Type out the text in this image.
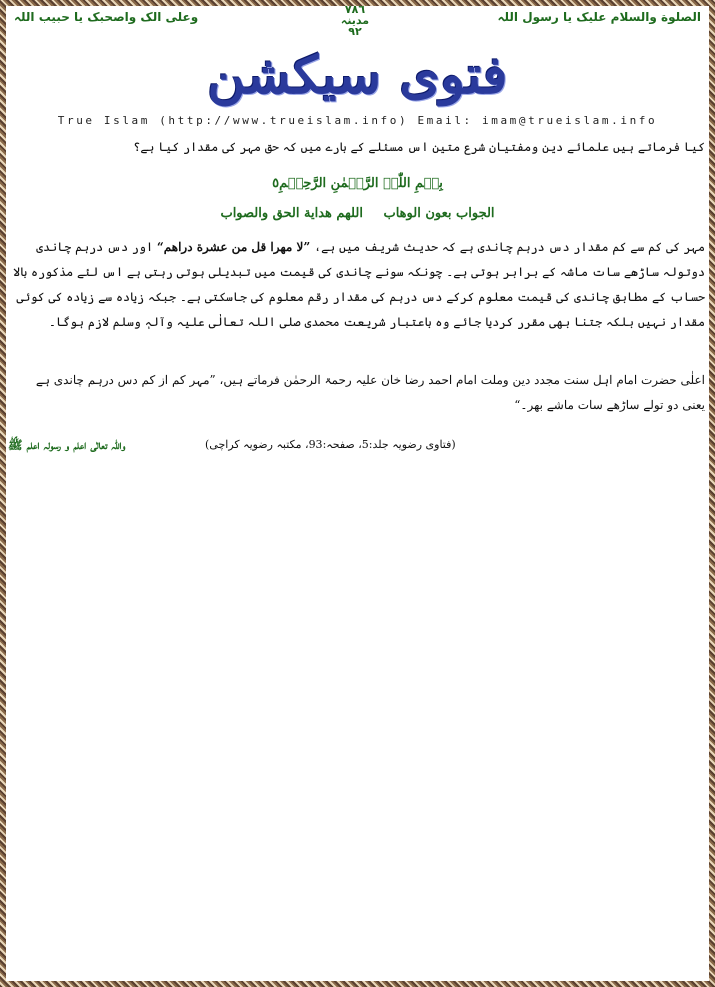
الصلوة والسلام علیک یا رسول اللہ
٧٨٦
مدینہ
٩٢
وعلی الک واصحبک یا حبیب اللہ
فتوی سیکشن
True Islam (http://www.trueislam.info) Email: imam@trueislam.info
کیا فرماتے ہیں علمائے دین ومفتیان شرع متین اس مسئلے کے بارے میں کہ حق مہر کی مقدار کیا ہے؟
بِسۡمِ اللّٰہِ الرَّحۡمٰنِ الرَّحِیۡمِ٥
الجواب بعون الوهاب اللهم هداية الحق والصواب
مہر کی کم سے کم مقدار دس درہم چاندی ہے کہ حدیث شریف میں ہے، ”لا مهرا قل من عشرة دراهم“ اور دس درہم چاندی دوتولہ ساڑھے سات ماشہ کے برابر ہوتی ہے۔ چونکہ سونے چاندی کی قیمت میں تبدیلی ہوتی رہتی ہے اس لئے مذکورہ بالا حساب کے مطابق چاندی کی قیمت معلوم کرکے دس درہم کی مقدار رقم معلوم کی جاسکتی ہے۔ جبکہ زیادہ سے زیادہ کی کوئی مقدار نہیں بلکہ جتنا بھی مقرر کردیا جائے وہ باعتبار شریعت محمدی صلی اللہ تعالٰی علیہ وآلہٖ وسلم لازم ہوگا۔
اعلٰی حضرت امام اہل سنت مجدد دین وملت امام احمد رضا خان علیہ رحمۃ الرحمٰن فرماتے ہیں، ”مہر کم از کم دس درہم چاندی ہے یعنی دو تولے ساڑھے سات ماشے بھر۔“
(فتاوی رضویہ جلد:5، صفحہ:93، مکتبہ رضویہ کراچی)
واللہ تعالٰی اعلم و رسولہ اعلم ﷺ
